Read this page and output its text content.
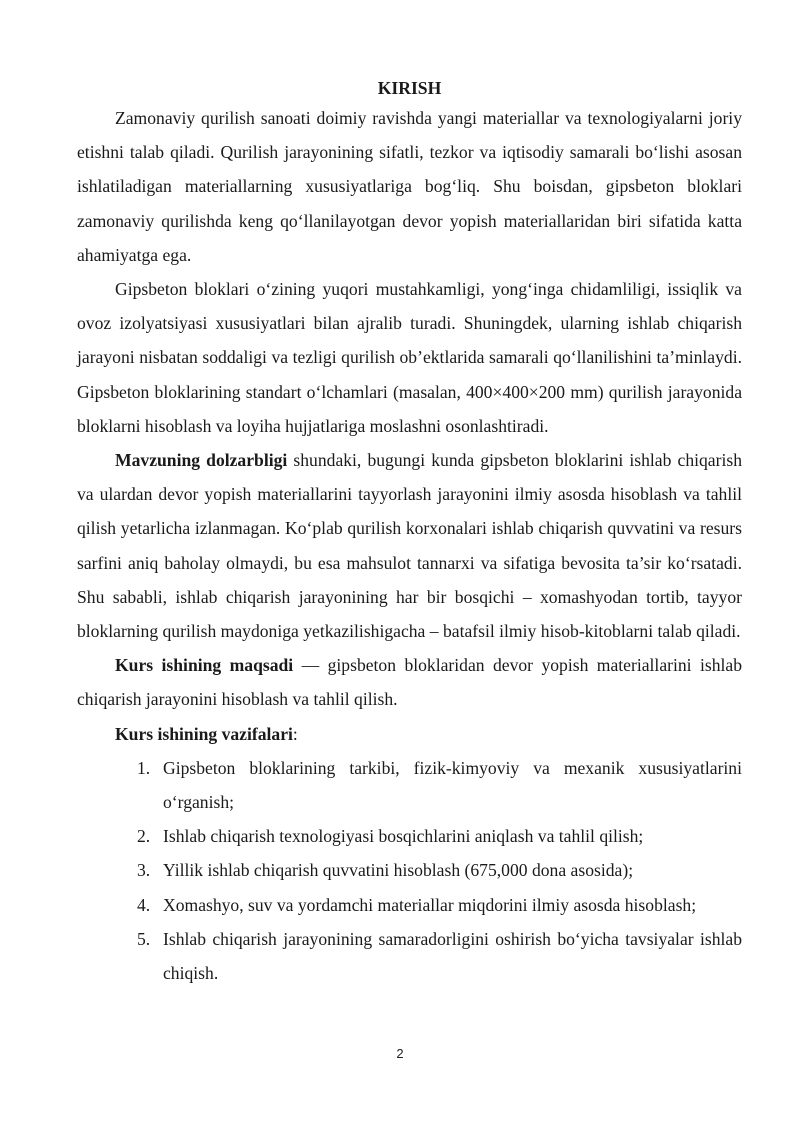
KIRISH

Zamonaviy qurilish sanoati doimiy ravishda yangi materiallar va texnologiyalarni joriy etishni talab qiladi. Qurilish jarayonining sifatli, tezkor va iqtisodiy samarali bo‘lishi asosan ishlatiladigan materiallarning xususiyatlariga bog‘liq. Shu boisdan, gipsbeton bloklari zamonaviy qurilishda keng qo‘llanilayotgan devor yopish materiallaridan biri sifatida katta ahamiyatga ega.

Gipsbeton bloklari o‘zining yuqori mustahkamligi, yong‘inga chidamliligi, issiqlik va ovoz izolyatsiyasi xususiyatlari bilan ajralib turadi. Shuningdek, ularning ishlab chiqarish jarayoni nisbatan soddaligi va tezligi qurilish ob’ektlarida samarali qo‘llanilishini ta’minlaydi. Gipsbeton bloklarining standart o‘lchamlari (masalan, 400×400×200 mm) qurilish jarayonida bloklarni hisoblash va loyiha hujjatlariga moslashni osonlashtiradi.

Mavzuning dolzarbligi shundaki, bugungi kunda gipsbeton bloklarini ishlab chiqarish va ulardan devor yopish materiallarini tayyorlash jarayonini ilmiy asosda hisoblash va tahlil qilish yetarlicha izlanmagan. Ko‘plab qurilish korxonalari ishlab chiqarish quvvatini va resurs sarfini aniq baholay olmaydi, bu esa mahsulot tannarxi va sifatiga bevosita ta’sir ko‘rsatadi. Shu sababli, ishlab chiqarish jarayonining har bir bosqichi – xomashyodan tortib, tayyor bloklarning qurilish maydoniga yetkazilishigacha – batafsil ilmiy hisob-kitoblarni talab qiladi.

Kurs ishining maqsadi — gipsbeton bloklaridan devor yopish materiallarini ishlab chiqarish jarayonini hisoblash va tahlil qilish.

Kurs ishining vazifalari:

1. Gipsbeton bloklarining tarkibi, fizik-kimyoviy va mexanik xususiyatlarini o‘rganish;
2. Ishlab chiqarish texnologiyasi bosqichlarini aniqlash va tahlil qilish;
3. Yillik ishlab chiqarish quvvatini hisoblash (675,000 dona asosida);
4. Xomashyo, suv va yordamchi materiallar miqdorini ilmiy asosda hisoblash;
5. Ishlab chiqarish jarayonining samaradorligini oshirish bo‘yicha tavsiyalar ishlab chiqish.
2
